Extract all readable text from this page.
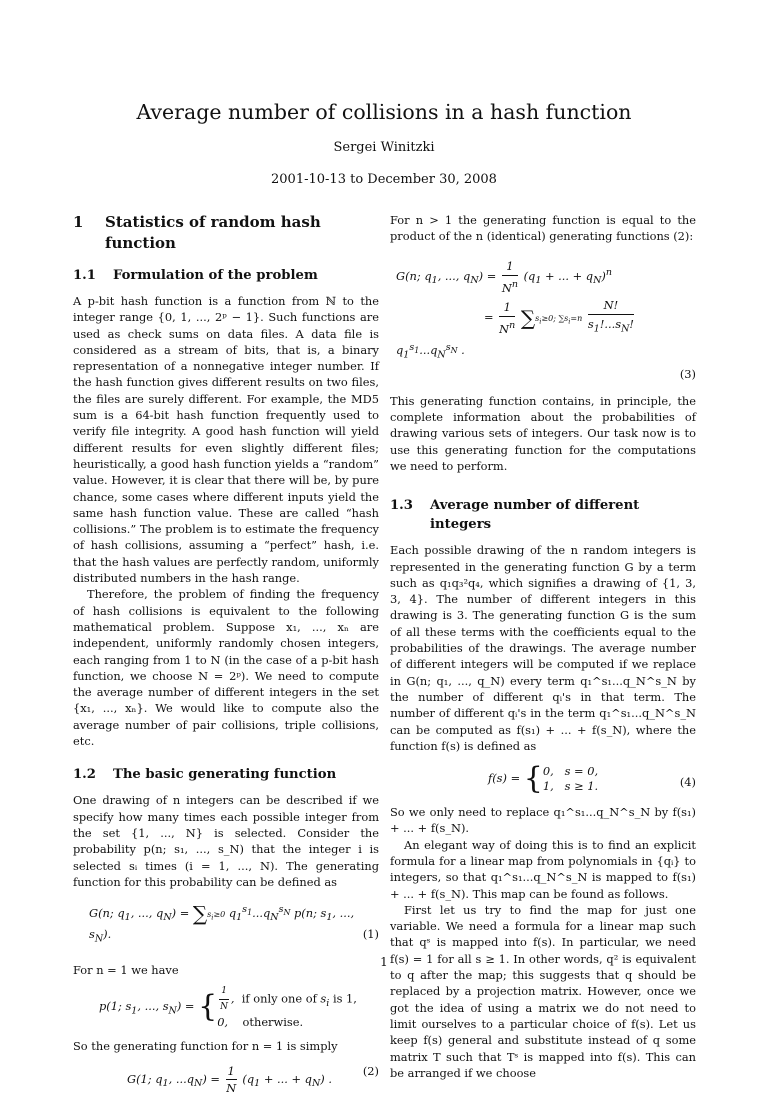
Average number of collisions in a hash function
Sergei Winitzki
2001-10-13 to December 30, 2008
1	Statistics of random hash function
1.1	Formulation of the problem

A p-bit hash function is a function from ℕ to the integer range {0, 1, ..., 2ᵖ − 1}. Such functions are used as check sums on data files. A data file is considered as a stream of bits, that is, a binary representation of a nonnegative integer number. If the hash function gives different results on two files, the files are surely different. For example, the MD5 sum is a 64-bit hash function frequently used to verify file integrity. A good hash function will yield different results for even slightly different files; heuristically, a good hash function yields a “random” value. However, it is clear that there will be, by pure chance, some cases where different inputs yield the same hash function value. These are called “hash collisions.” The problem is to estimate the frequency of hash collisions, assuming a “perfect” hash, i.e. that the hash values are perfectly random, uniformly distributed numbers in the hash range.

Therefore, the problem of finding the frequency of hash collisions is equivalent to the following mathematical problem. Suppose x₁, ..., xₙ are independent, uniformly randomly chosen integers, each ranging from 1 to N (in the case of a p-bit hash function, we choose N = 2ᵖ). We need to compute the average number of different integers in the set {x₁, ..., xₙ}. We would like to compute also the average number of pair collisions, triple collisions, etc.

1.2	The basic generating function

One drawing of n integers can be described if we specify how many times each possible integer from the set {1, ..., N} is selected. Consider the probability p(n; s₁, ..., s_N) that the integer i is selected sᵢ times (i = 1, ..., N). The generating function for this probability can be defined as

G(n; $q_1$, ..., $q_N) = \sum s_i\ge 0$ $q_1^{s_1}...q_N^{s_N}$ p(n; $s_1$, ..., $s_N$).	(1)

For n = 1 we have

p(1; $s_1$, ..., $s_N$) = { $\frac{1}{N}$ ,  if only one of $s_i$ is 1,
0,    otherwise.

So the generating function for n = 1 is simply

G(1; $q_1$, $...q_N) = \frac{1}{N} (q_1$ + ... + $q_N$) .
(2)

For n > 1 the generating function is equal to the product of the n (identical) generating functions (2):

G(n; $q_1$, ..., $q_N) = \frac{1}{N^n} (q_1$ + ... + $q_N)^n$
= $\frac{1}{N^n} \sum s_i\ge 0$; $\sum s_i=n \frac{N!}{s_1!...s_N!}$
$q_1^{s_1}...q_N^{s_N}$ .
(3)

This generating function contains, in principle, the complete information about the probabilities of drawing various sets of integers. Our task now is to use this generating function for the computations we need to perform.

1.3	Average number of different integers

Each possible drawing of the n random integers is represented in the generating function G by a term such as q₁q₃²q₄, which signifies a drawing of {1, 3, 3, 4}. The number of different integers in this drawing is 3. The generating function G is the sum of all these terms with the coefficients equal to the probabilities of the drawings. The average number of different integers will be computed if we replace in G(n; q₁, ..., q_N) every term q₁^s₁...q_N^s_N by the number of different qᵢ's in that term. The number of different qᵢ's in the term q₁^s₁...q_N^s_N can be computed as f(s₁) + ... + f(s_N), where the function f(s) is defined as

f(s) = {0,   s = 0,
1,   s ≥ 1.	(4)

So we only need to replace q₁^s₁...q_N^s_N by f(s₁) + ... + f(s_N).

An elegant way of doing this is to find an explicit formula for a linear map from polynomials in {qᵢ} to integers, so that q₁^s₁...q_N^s_N is mapped to f(s₁) + ... + f(s_N). This map can be found as follows.

First let us try to find the map for just one variable. We need a formula for a linear map such that qˢ is mapped into f(s). In particular, we need f(s) = 1 for all s ≥ 1. In other words, q² is equivalent to q after the map; this suggests that q should be replaced by a projection matrix. However, once we got the idea of using a matrix we do not need to limit ourselves to a particular choice of f(s). Let us keep f(s) general and substitute instead of q some matrix T such that Tˢ is mapped into f(s). This can be arranged if we choose

1
